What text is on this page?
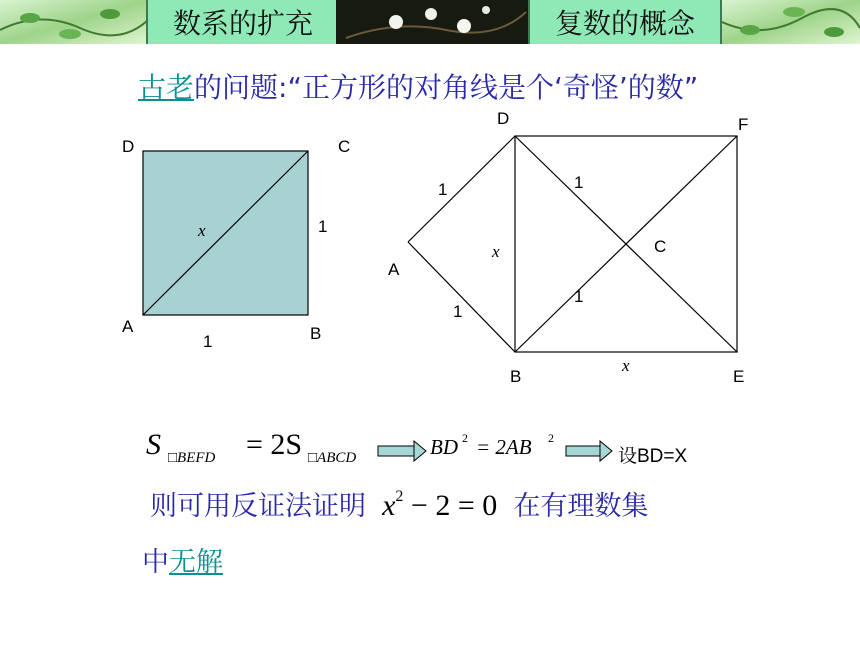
数系的扩充	复数的概念
古老的问题:“正方形的对角线是个‘奇怪’的数”
D	C
A	B
1
1
x
D	F
A
C
B	E
1
1
1
1
x
x
S □BEFD = 2S □ABCD	BD 2 = 2AB 2
设BD=X
则可用反证法证明 $x^2 - 2 = 0$ 在有理数集
中无解
